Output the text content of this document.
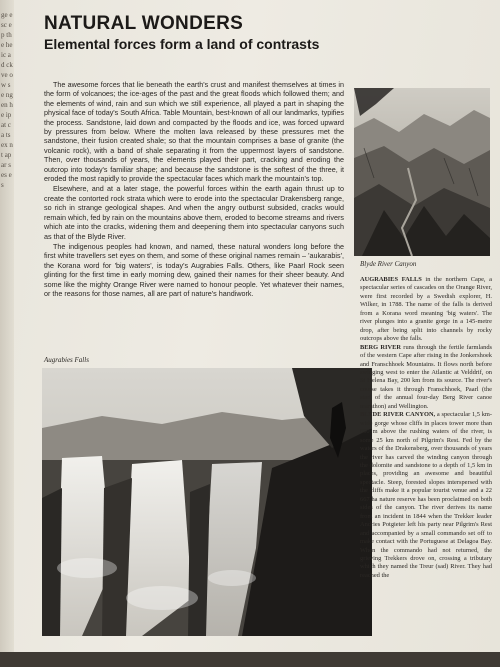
ge e sc ep the he ic ad ck ve ow se ng en he ip at ca ts ex nt ap ar ses es
NATURAL WONDERS
Elemental forces form a land of contrasts

The awesome forces that lie beneath the earth's crust and manifest themselves at times in the form of volcanoes; the ice-ages of the past and the great floods which followed them; and the elements of wind, rain and sun which we still experience, all played a part in shaping the physical face of today's South Africa. Table Mountain, best-known of all our landmarks, typifies the process. Sandstone, laid down and compacted by the floods and ice, was forced upward by pressures from below. Where the molten lava released by these pressures met the sandstone, their fusion created shale; so that the mountain comprises a base of granite (the volcanic rock), with a band of shale separating it from the uppermost layers of sandstone. Then, over thousands of years, the elements played their part, cracking and eroding the outcrop into today's familiar shape; and because the sandstone is the softest of the three, it eroded the most rapidly to provide the spectacular faces which mark the mountain's top.

Elsewhere, and at a later stage, the powerful forces within the earth again thrust up to create the contorted rock strata which were to erode into the spectacular Drakensberg range, so rich in strange geological shapes. And when the angry outburst subsided, cracks would remain which, fed by rain on the mountains above them, eroded to become streams and rivers which ate into the cracks, widening them and deepening them into spectacular canyons such as that of the Blyde River.

The indigenous peoples had known, and named, these natural wonders long before the first white travellers set eyes on them, and some of these original names remain – 'aukarabis', the Korana word for 'big waters', is today's Augrabies Falls. Others, like Paarl Rock seen glinting for the first time in early morning dew, gained their names for their sheer beauty. And some like the mighty Orange River were named to honour people. Yet whatever their names, or the reasons for those names, all are part of nature's handiwork.

Blyde River Canyon
Augrabies Falls

AUGRABIES FALLS in the northern Cape, a spectacular series of cascades on the Orange River, were first recorded by a Swedish explorer, H. Wilker, in 1788. The name of the falls is derived from a Korana word meaning 'big waters'. The river plunges into a granite gorge in a 145-metre drop, after being split into channels by rocky outcrops above the falls.

BERG RIVER runs through the fertile farmlands of the western Cape after rising in the Jonkershoek and Franschhoek Mountains. It flows north before swinging west to enter the Atlantic at Velddrif, on St Helena Bay, 200 km from its source. The river's course takes it through Franschhoek, Paarl (the start of the annual four-day Berg River canoe marathon) and Wellington.

BLYDE RIVER CANYON, a spectacular 1,5 km-wide gorge whose cliffs in places tower more than 600 m above the rushing waters of the river, is some 25 km north of Pilgrim's Rest. Fed by the waters of the Drakensberg, over thousands of years the river has carved the winding canyon through the dolomite and sandstone to a depth of 1,5 km in places, providing an awesome and beautiful spectacle. Steep, forested slopes interspersed with the cliffs make it a popular tourist venue and a 22 667 ha nature reserve has been proclaimed on both sides of the canyon. The river derives its name from an incident in 1844 when the Trekker leader Andries Potgieter left his party near Pilgrim's Rest and accompanied by a small commando set off to make contact with the Portuguese at Delagoa Bay. When the commando had not returned, the grieving Trekkers drove on, crossing a tributary which they named the Treur (sad) River. They had reached the
